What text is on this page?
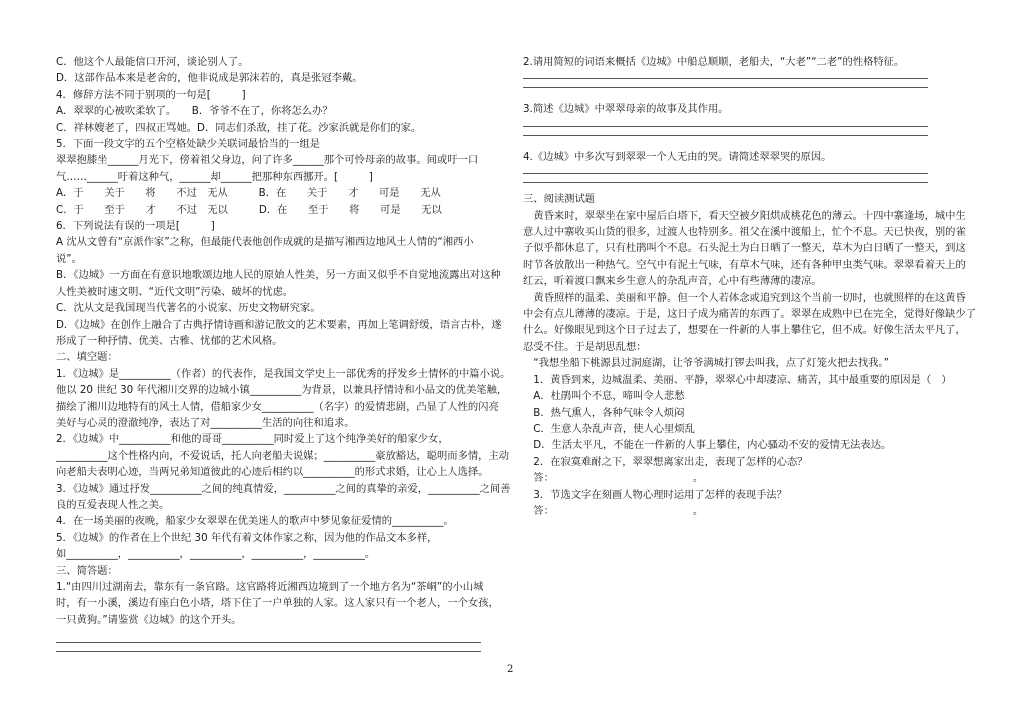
C．他这个人最能信口开河，谈论别人了。

D．这部作品本来是老舍的，他非说成是郭沫若的，真是张冠李戴。

4．修辞方法不同于别项的一句是[　　　]

A．翠翠的心被吹柔软了。　　B．爷爷不在了，你将怎么办？

C．祥林嫂老了，四叔正骂她。D．同志们杀敌，挂了花。沙家浜就是你们的家。

5．下面一段文字的五个空格处缺少关联词最恰当的一组是

翠翠抱膝坐______月光下，傍着祖父身边，问了许多______那个可怜母亲的故事。间或吁一口

气……______吁着这种气，______却______把那种东西挪开。[　　　]

A．于　　关于　　将　　不过　无从　　　B．在　　关于　　才　　可是　　无从

C．于　　至于　　才　　不过　无以　　　D．在　　至于　　将　　可是　　无以

6．下列说法有误的一项是[　　　]

A 沈从文曾有“京派作家”之称，但最能代表他创作成就的是描写湘西边地风土人情的“湘西小

说”。

B．《边城》一方面在有意识地歌颂边地人民的原始人性美，另一方面又似乎不自觉地流露出对这种

人性美被时速文明、“近代文明”污染、破坏的忧虑。

C．沈从文是我国现当代著名的小说家、历史文物研究家。

D．《边城》在创作上融合了古典抒情诗画和游记散文的艺术要素，再加上笔调舒缓，语言古朴，遂

形成了一种抒情、优美、古雅、忧郁的艺术风格。

二、填空题：

1．《边城》是__________（作者）的代表作，是我国文学史上一部优秀的抒发乡土情怀的中篇小说。

他以 20 世纪 30 年代湘川交界的边城小镇__________为背景，以兼具抒情诗和小品文的优美笔触，

描绘了湘川边地特有的风土人情，借船家少女__________（名字）的爱情悲剧，凸显了人性的闪亮

美好与心灵的澄澈纯净，表达了对__________生活的向往和追求。

2．《边城》中__________和他的哥哥__________同时爱上了这个纯净美好的船家少女，

__________这个性格内向，不爱说话，托人向老船夫说媒；__________豪放豁达，聪明而多情，主动

向老船夫表明心迹，当两兄弟知道彼此的心迹后相约以__________的形式求婚，让心上人选择。

3．《边城》通过抒发__________之间的纯真情爱，__________之间的真挚的亲爱，__________之间善

良的互爱表现人性之美。

4．在一场美丽的夜晚，船家少女翠翠在优美迷人的歌声中梦见象征爱情的__________。

5．《边城》的作者在上个世纪 30 年代有着文体作家之称，因为他的作品文本多样，

如__________，__________，__________，__________，__________。

三、简答题：

1.“由四川过湖南去，靠东有一条官路。这官路将近湘西边境到了一个地方名为“茶峒”的小山城

时，有一小溪，溪边有座白色小塔，塔下住了一户单独的人家。这人家只有一个老人，一个女孩，

一只黄狗。”请鉴赏《边城》的这个开头。

2.请用简短的词语来概括《边城》中船总顺顺，老船夫，“大老”“二老”的性格特征。

3.简述《边城》中翠翠母亲的故事及其作用。

4.《边城》中多次写到翠翠一个人无由的哭。请简述翠翠哭的原因。

三、阅读测试题

　黄昏来时，翠翠坐在家中屋后白塔下，看天空被夕阳烘成桃花色的薄云。十四中寨逢场，城中生

意人过中寨收买山货的很多，过渡人也特别多。祖父在溪中渡船上，忙个不息。天已快夜，别的雀

子似乎都休息了，只有杜鹃叫个不息。石头泥土为白日晒了一整天，草木为白日晒了一整天，到这

时节各放散出一种热气。空气中有泥土气味，有草木气味，还有各种甲虫类气味。翠翠看着天上的

红云，听着渡口飘来乡生意人的杂乱声音，心中有些薄薄的凄凉。

　黄昏照样的温柔、美丽和平静。但一个人若体念或追究到这个当前一切时，也就照样的在这黄昏

中会有点儿薄薄的凄凉。于是，这日子成为痛苦的东西了。翠翠在成熟中已在完全，觉得好像缺少了

什么。好像眼见到这个日子过去了，想要在一件新的人事上攀住它，但不成。好像生活太平凡了，

忍受不住。于是胡思乱想：

　“我想坐船下桃源县过洞庭湖，让爷爷满城打锣去叫我，点了灯笼火把去找我。”

　1．黄昏到来，边城温柔、美丽、平静，翠翠心中却凄凉、痛苦，其中最重要的原因是（　）

　A．杜鹃叫个不息，啼叫令人悲愁

　B．热气熏人，各种气味令人烦闷

　C．生意人杂乱声音，使人心里烦乱

　D．生活太平凡，不能在一件新的人事上攀住，内心骚动不安的爱情无法表达。

　2．在寂寞难耐之下，翠翠想离家出走，表现了怎样的心态？

　答：　　　　　　　　　　　　　　。

　3．节选文字在刻画人物心理时运用了怎样的表现手法？

　答：　　　　　　　　　　　　　　。

2
